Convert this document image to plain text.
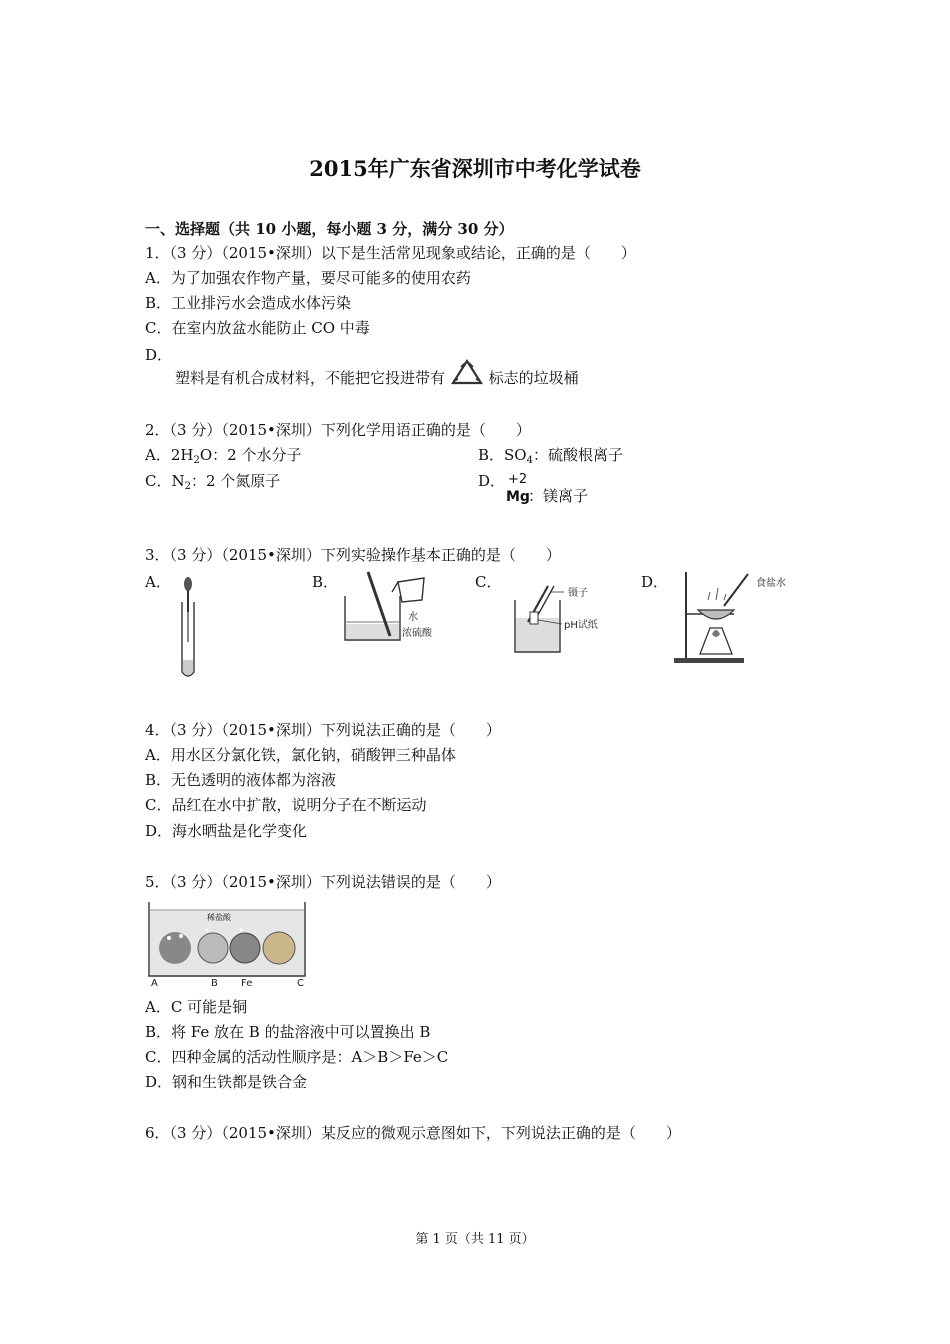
2015年广东省深圳市中考化学试卷
一、选择题（共 10 小题，每小题 3 分，满分 30 分）
1．（3 分）（2015•深圳）以下是生活常见现象或结论，正确的是（　　）
A．为了加强农作物产量，要尽可能多的使用农药
B．工业排污水会造成水体污染
C．在室内放盆水能防止 CO 中毒
D．
塑料是有机合成材料，不能把它投进带有	标志的垃圾桶
2．（3 分）（2015•深圳）下列化学用语正确的是（　　）
A．$2H_2O$：2 个水分子	B．$SO_4$：硫酸根离子
C．$N_2$：2 个氮原子	D． +2
Mg
：镁离子
3．（3 分）（2015•深圳）下列实验操作基本正确的是（　　）
A．	B．	C．	D．
水
浓硫酸
镊子
pH试纸
食盐水
4．（3 分）（2015•深圳）下列说法正确的是（　　）
A．用水区分氯化铁，氯化钠，硝酸钾三种晶体
B．无色透明的液体都为溶液
C．品红在水中扩散，说明分子在不断运动
D．海水晒盐是化学变化
5．（3 分）（2015•深圳）下列说法错误的是（　　）
稀盐酸
A	B Fe	C
A．C 可能是铜
B．将 Fe 放在 B 的盐溶液中可以置换出 B
C．四种金属的活动性顺序是：A＞B＞Fe＞C
D．钢和生铁都是铁合金
6．（3 分）（2015•深圳）某反应的微观示意图如下，下列说法正确的是（　　）
第 1 页（共 11 页）
